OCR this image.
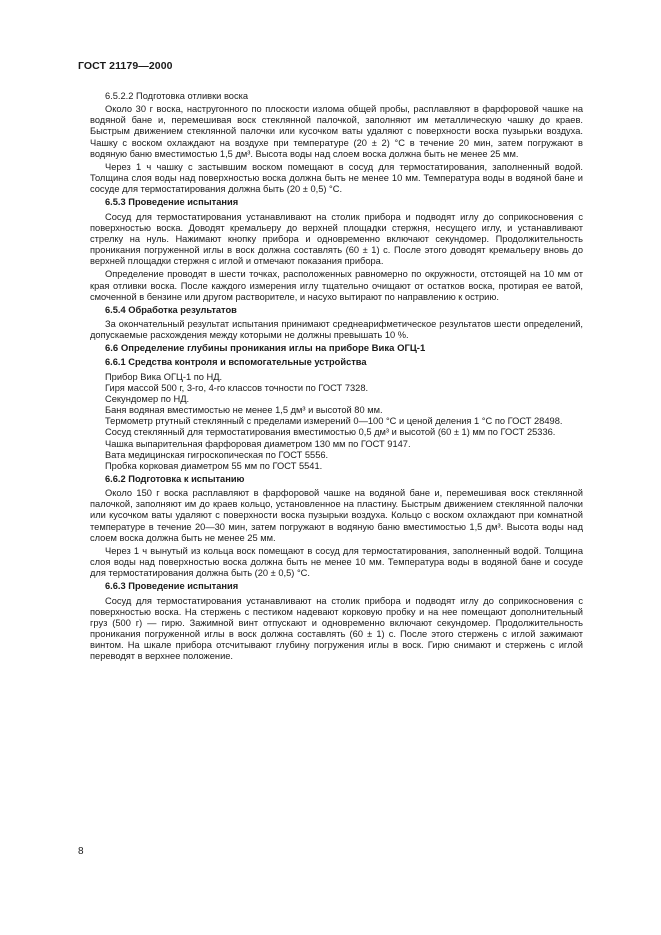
ГОСТ 21179—2000

6.5.2.2 Подготовка отливки воска

Около 30 г воска, настругонного по плоскости излома общей пробы, расплавляют в фарфоровой чашке на водяной бане и, перемешивая воск стеклянной палочкой, заполняют им металлическую чашку до краев. Быстрым движением стеклянной палочки или кусочком ваты удаляют с поверхности воска пузырьки воздуха. Чашку с воском охлаждают на воздухе при температуре (20 ± 2) °С в течение 20 мин, затем погружают в водяную баню вместимостью 1,5 дм³. Высота воды над слоем воска должна быть не менее 25 мм.

Через 1 ч чашку с застывшим воском помещают в сосуд для термостатирования, заполненный водой. Толщина слоя воды над поверхностью воска должна быть не менее 10 мм. Температура воды в водяной бане и сосуде для термостатирования должна быть (20 ± 0,5) °С.

6.5.3 Проведение испытания

Сосуд для термостатирования устанавливают на столик прибора и подводят иглу до соприкосновения с поверхностью воска. Доводят кремальеру до верхней площадки стержня, несущего иглу, и устанавливают стрелку на нуль. Нажимают кнопку прибора и одновременно включают секундомер. Продолжительность проникания погруженной иглы в воск должна составлять (60 ± 1) с. После этого доводят кремальеру вновь до верхней площадки стержня с иглой и отмечают показания прибора.

Определение проводят в шести точках, расположенных равномерно по окружности, отстоящей на 10 мм от края отливки воска. После каждого измерения иглу тщательно очищают от остатков воска, протирая ее ватой, смоченной в бензине или другом растворителе, и насухо вытирают по направлению к острию.

6.5.4 Обработка результатов

За окончательный результат испытания принимают среднеарифметическое результатов шести определений, допускаемые расхождения между которыми не должны превышать 10 %.

6.6 Определение глубины проникания иглы на приборе Вика ОГЦ-1
6.6.1 Средства контроля и вспомогательные устройства

Прибор Вика ОГЦ-1 по НД.

Гиря массой 500 г, 3-го, 4-го классов точности по ГОСТ 7328.

Секундомер по НД.

Баня водяная вместимостью не менее 1,5 дм³ и высотой 80 мм.

Термометр ртутный стеклянный с пределами измерений 0—100 °С и ценой деления 1 °С по ГОСТ 28498.

Сосуд стеклянный для термостатирования вместимостью 0,5 дм³ и высотой (60 ± 1) мм по ГОСТ 25336.

Чашка выпарительная фарфоровая диаметром 130 мм по ГОСТ 9147.

Вата медицинская гигроскопическая по ГОСТ 5556.

Пробка корковая диаметром 55 мм по ГОСТ 5541.

6.6.2 Подготовка к испытанию

Около 150 г воска расплавляют в фарфоровой чашке на водяной бане и, перемешивая воск стеклянной палочкой, заполняют им до краев кольцо, установленное на пластину. Быстрым движением стеклянной палочки или кусочком ваты удаляют с поверхности воска пузырьки воздуха. Кольцо с воском охлаждают при комнатной температуре в течение 20—30 мин, затем погружают в водяную баню вместимостью 1,5 дм³. Высота воды над слоем воска должна быть не менее 25 мм.

Через 1 ч вынутый из кольца воск помещают в сосуд для термостатирования, заполненный водой. Толщина слоя воды над поверхностью воска должна быть не менее 10 мм. Температура воды в водяной бане и сосуде для термостатирования должна быть (20 ± 0,5) °С.

6.6.3 Проведение испытания

Сосуд для термостатирования устанавливают на столик прибора и подводят иглу до соприкосновения с поверхностью воска. На стержень с пестиком надевают корковую пробку и на нее помещают дополнительный груз (500 г) — гирю. Зажимной винт отпускают и одновременно включают секундомер. Продолжительность проникания погруженной иглы в воск должна составлять (60 ± 1) с. После этого стержень с иглой зажимают винтом. На шкале прибора отсчитывают глубину погружения иглы в воск. Гирю снимают и стержень с иглой переводят в верхнее положение.

8
